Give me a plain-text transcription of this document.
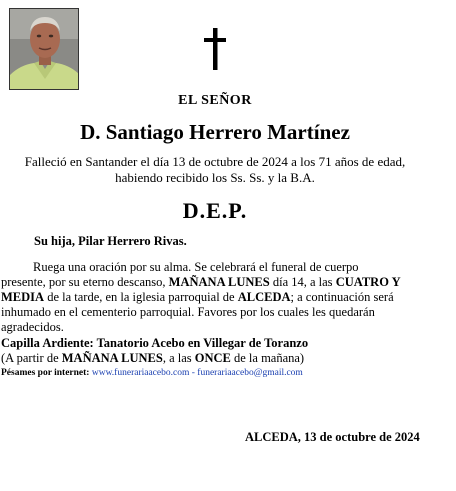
EL SEÑOR
D. Santiago Herrero Martínez
Falleció en Santander el día 13 de octubre de 2024 a los 71 años de edad,
habiendo recibido los Ss. Ss. y la B.A.
D.E.P.
Su hija, Pilar Herrero Rivas.
Ruega una oración por su alma. Se celebrará el funeral de cuerpo
presente, por su eterno descanso, MAÑANA LUNES día 14, a las CUATRO Y
MEDIA de la tarde, en la iglesia parroquial de ALCEDA; a continuación será
inhumado en el cementerio parroquial. Favores por los cuales les quedarán
agradecidos.
Capilla Ardiente: Tanatorio Acebo en Villegar de Toranzo
(A partir de MAÑANA LUNES, a las ONCE de la mañana)
Pésames por internet: www.funerariaacebo.com - funerariaacebo@gmail.com
ALCEDA, 13 de octubre de 2024
